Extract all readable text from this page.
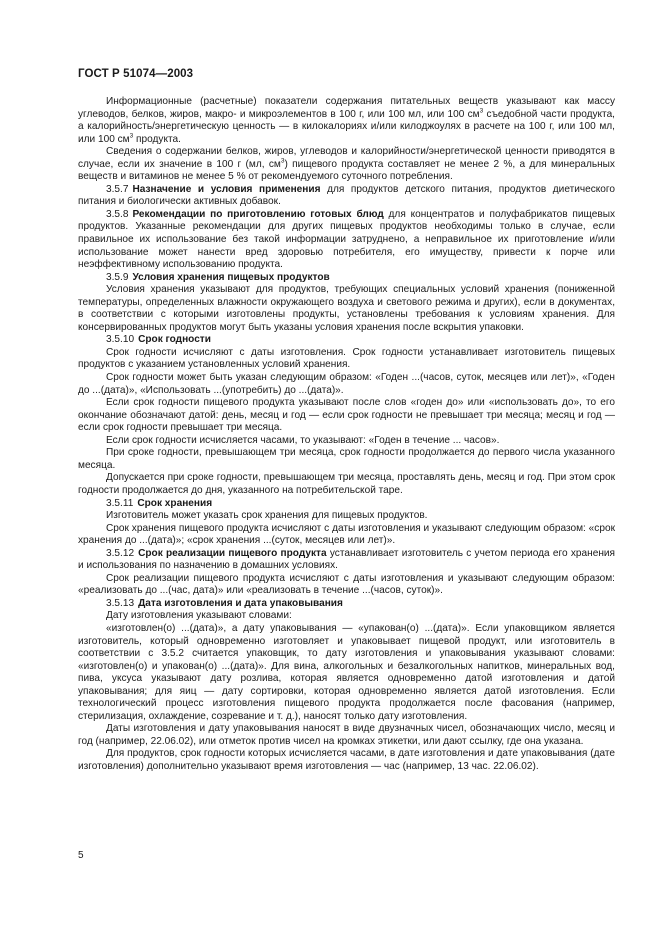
ГОСТ Р 51074—2003

Информационные (расчетные) показатели содержания питательных веществ указывают как массу углеводов, белков, жиров, макро- и микроэлементов в 100 г, или 100 мл, или 100 $см^3$ съедобной части продукта, а калорийность/энергетическую ценность — в килокалориях и/или килоджоулях в расчете на 100 г, или 100 мл, или 100 $см^3$ продукта.

Сведения о содержании белков, жиров, углеводов и калорийности/энергетической ценности приводятся в случае, если их значение в 100 г (мл, $см^3$) пищевого продукта составляет не менее 2 %, а для минеральных веществ и витаминов не менее 5 % от рекомендуемого суточного потребления.

3.5.7 Назначение и условия применения для продуктов детского питания, продуктов диетического питания и биологически активных добавок.

3.5.8 Рекомендации по приготовлению готовых блюд для концентратов и полуфабрикатов пищевых продуктов. Указанные рекомендации для других пищевых продуктов необходимы только в случае, если правильное их использование без такой информации затруднено, а неправильное их приготовление и/или использование может нанести вред здоровью потребителя, его имуществу, привести к порче или неэффективному использованию продукта.

3.5.9 Условия хранения пищевых продуктов

Условия хранения указывают для продуктов, требующих специальных условий хранения (пониженной температуры, определенных влажности окружающего воздуха и светового режима и других), если в документах, в соответствии с которыми изготовлены продукты, установлены требования к условиям хранения. Для консервированных продуктов могут быть указаны условия хранения после вскрытия упаковки.

3.5.10 Срок годности

Срок годности исчисляют с даты изготовления. Срок годности устанавливает изготовитель пищевых продуктов с указанием установленных условий хранения.

Срок годности может быть указан следующим образом: «Годен ...(часов, суток, месяцев или лет)», «Годен до ...(дата)», «Использовать ...(употребить) до ...(дата)».

Если срок годности пищевого продукта указывают после слов «годен до» или «использовать до», то его окончание обозначают датой: день, месяц и год — если срок годности не превышает три месяца; месяц и год — если срок годности превышает три месяца.

Если срок годности исчисляется часами, то указывают: «Годен в течение ... часов».

При сроке годности, превышающем три месяца, срок годности продолжается до первого числа указанного месяца.

Допускается при сроке годности, превышающем три месяца, проставлять день, месяц и год. При этом срок годности продолжается до дня, указанного на потребительской таре.

3.5.11 Срок хранения

Изготовитель может указать срок хранения для пищевых продуктов.

Срок хранения пищевого продукта исчисляют с даты изготовления и указывают следующим образом: «срок хранения до ...(дата)»; «срок хранения ...(суток, месяцев или лет)».

3.5.12 Срок реализации пищевого продукта устанавливает изготовитель с учетом периода его хранения и использования по назначению в домашних условиях.

Срок реализации пищевого продукта исчисляют с даты изготовления и указывают следующим образом: «реализовать до ...(час, дата)» или «реализовать в течение ...(часов, суток)».

3.5.13 Дата изготовления и дата упаковывания

Дату изготовления указывают словами:

«изготовлен(о) ...(дата)», а дату упаковывания — «упакован(о) ...(дата)». Если упаковщиком является изготовитель, который одновременно изготовляет и упаковывает пищевой продукт, или изготовитель в соответствии с 3.5.2 считается упаковщик, то дату изготовления и упаковывания указывают словами: «изготовлен(о) и упакован(о) ...(дата)». Для вина, алкогольных и безалкогольных напитков, минеральных вод, пива, уксуса указывают дату розлива, которая является одновременно датой изготовления и датой упаковывания; для яиц — дату сортировки, которая одновременно является датой изготовления. Если технологический процесс изготовления пищевого продукта продолжается после фасования (например, стерилизация, охлаждение, созревание и т. д.), наносят только дату изготовления.

Даты изготовления и дату упаковывания наносят в виде двузначных чисел, обозначающих число, месяц и год (например, 22.06.02), или отметок против чисел на кромках этикетки, или дают ссылку, где она указана.

Для продуктов, срок годности которых исчисляется часами, в дате изготовления и дате упаковывания (дате изготовления) дополнительно указывают время изготовления — час (например, 13 час. 22.06.02).

5
